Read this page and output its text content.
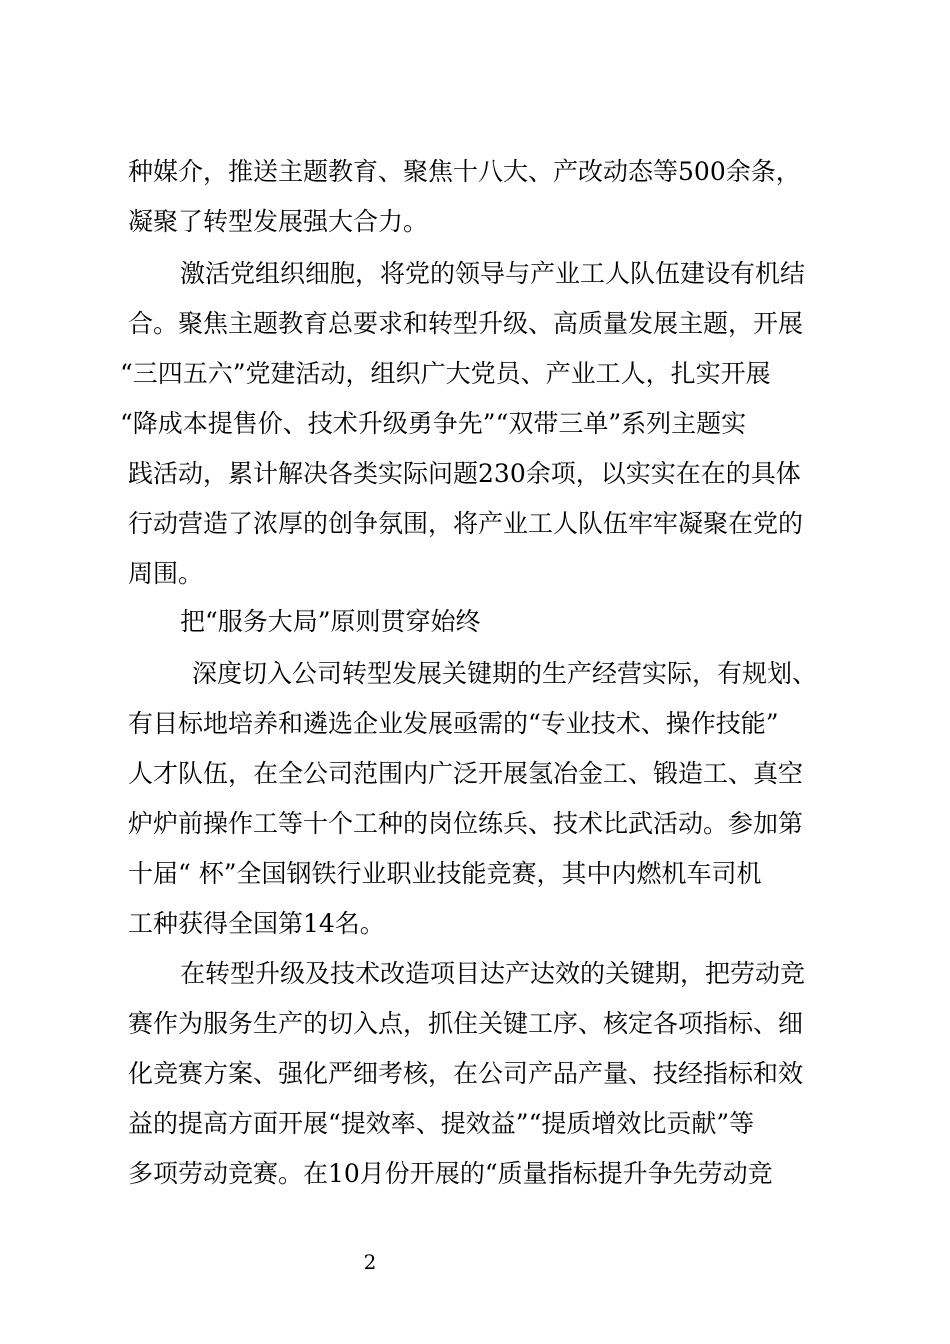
种媒介，推送主题教育、聚焦十八大、产改动态等500余条，
凝聚了转型发展强大合力。
激活党组织细胞，将党的领导与产业工人队伍建设有机结
合。聚焦主题教育总要求和转型升级、高质量发展主题，开展
“三四五六”党建活动，组织广大党员、产业工人，扎实开展
“降成本提售价、技术升级勇争先”“双带三单”系列主题实
践活动，累计解决各类实际问题230余项，以实实在在的具体
行动营造了浓厚的创争氛围，将产业工人队伍牢牢凝聚在党的
周围。
把“服务大局”原则贯穿始终
深度切入公司转型发展关键期的生产经营实际，有规划、
有目标地培养和遴选企业发展亟需的“专业技术、操作技能”
人才队伍，在全公司范围内广泛开展氢冶金工、锻造工、真空
炉炉前操作工等十个工种的岗位练兵、技术比武活动。参加第
十届“ 杯”全国钢铁行业职业技能竞赛，其中内燃机车司机
工种获得全国第14名。
在转型升级及技术改造项目达产达效的关键期，把劳动竞
赛作为服务生产的切入点，抓住关键工序、核定各项指标、细
化竞赛方案、强化严细考核，在公司产品产量、技经指标和效
益的提高方面开展“提效率、提效益”“提质增效比贡献”等
多项劳动竞赛。在10月份开展的“质量指标提升争先劳动竞
2
